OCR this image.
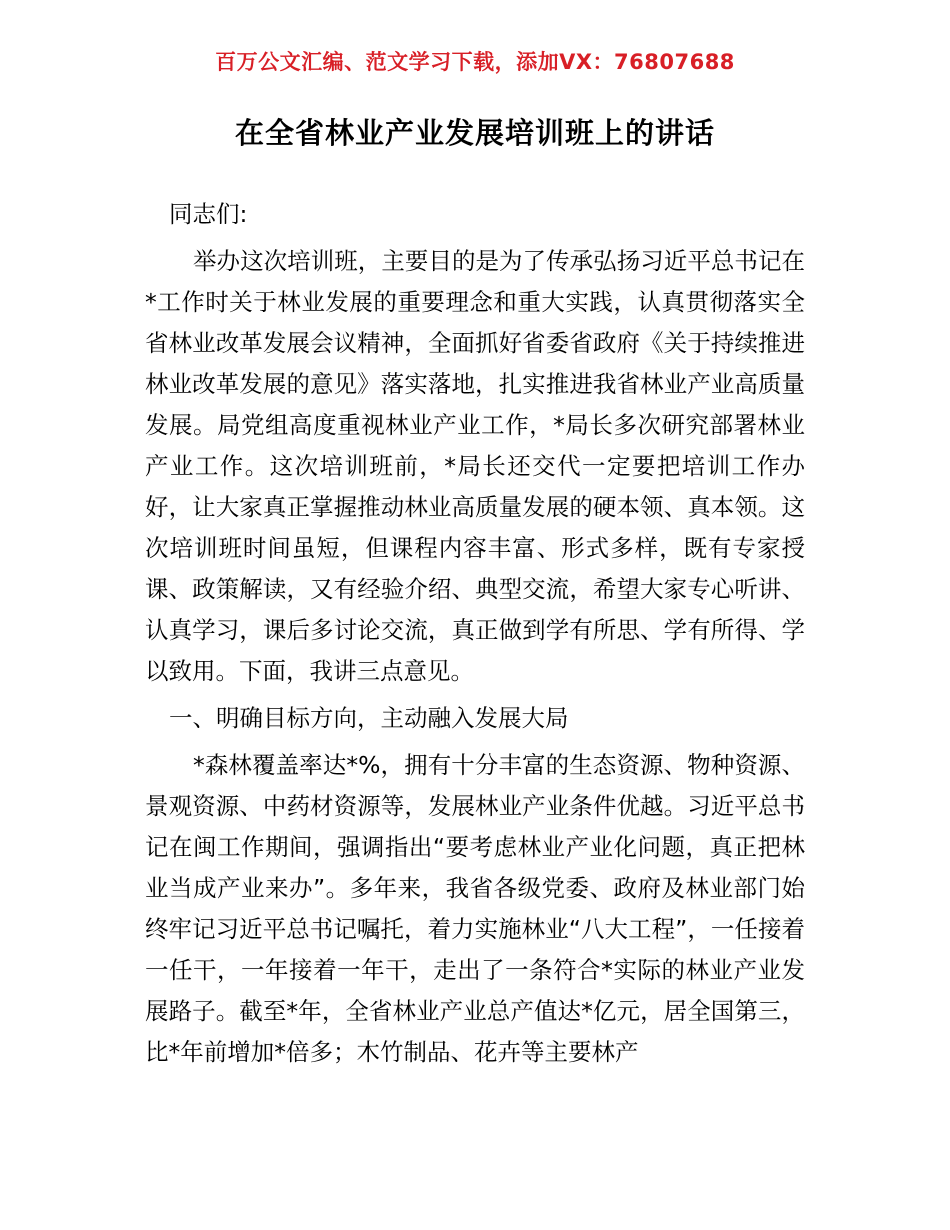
百万公文汇编、范文学习下载，添加VX：76807688
在全省林业产业发展培训班上的讲话

同志们:

举办这次培训班，主要目的是为了传承弘扬习近平总书记在*工作时关于林业发展的重要理念和重大实践，认真贯彻落实全省林业改革发展会议精神，全面抓好省委省政府《关于持续推进林业改革发展的意见》落实落地，扎实推进我省林业产业高质量发展。局党组高度重视林业产业工作，*局长多次研究部署林业产业工作。这次培训班前，*局长还交代一定要把培训工作办好，让大家真正掌握推动林业高质量发展的硬本领、真本领。这次培训班时间虽短，但课程内容丰富、形式多样，既有专家授课、政策解读，又有经验介绍、典型交流，希望大家专心听讲、认真学习，课后多讨论交流，真正做到学有所思、学有所得、学以致用。下面，我讲三点意见。

一、明确目标方向，主动融入发展大局

*森林覆盖率达*%，拥有十分丰富的生态资源、物种资源、景观资源、中药材资源等，发展林业产业条件优越。习近平总书记在闽工作期间，强调指出“要考虑林业产业化问题，真正把林业当成产业来办”。多年来，我省各级党委、政府及林业部门始终牢记习近平总书记嘱托，着力实施林业“八大工程”，一任接着一任干，一年接着一年干，走出了一条符合*实际的林业产业发展路子。截至*年，全省林业产业总产值达*亿元，居全国第三，比*年前增加*倍多；木竹制品、花卉等主要林产
